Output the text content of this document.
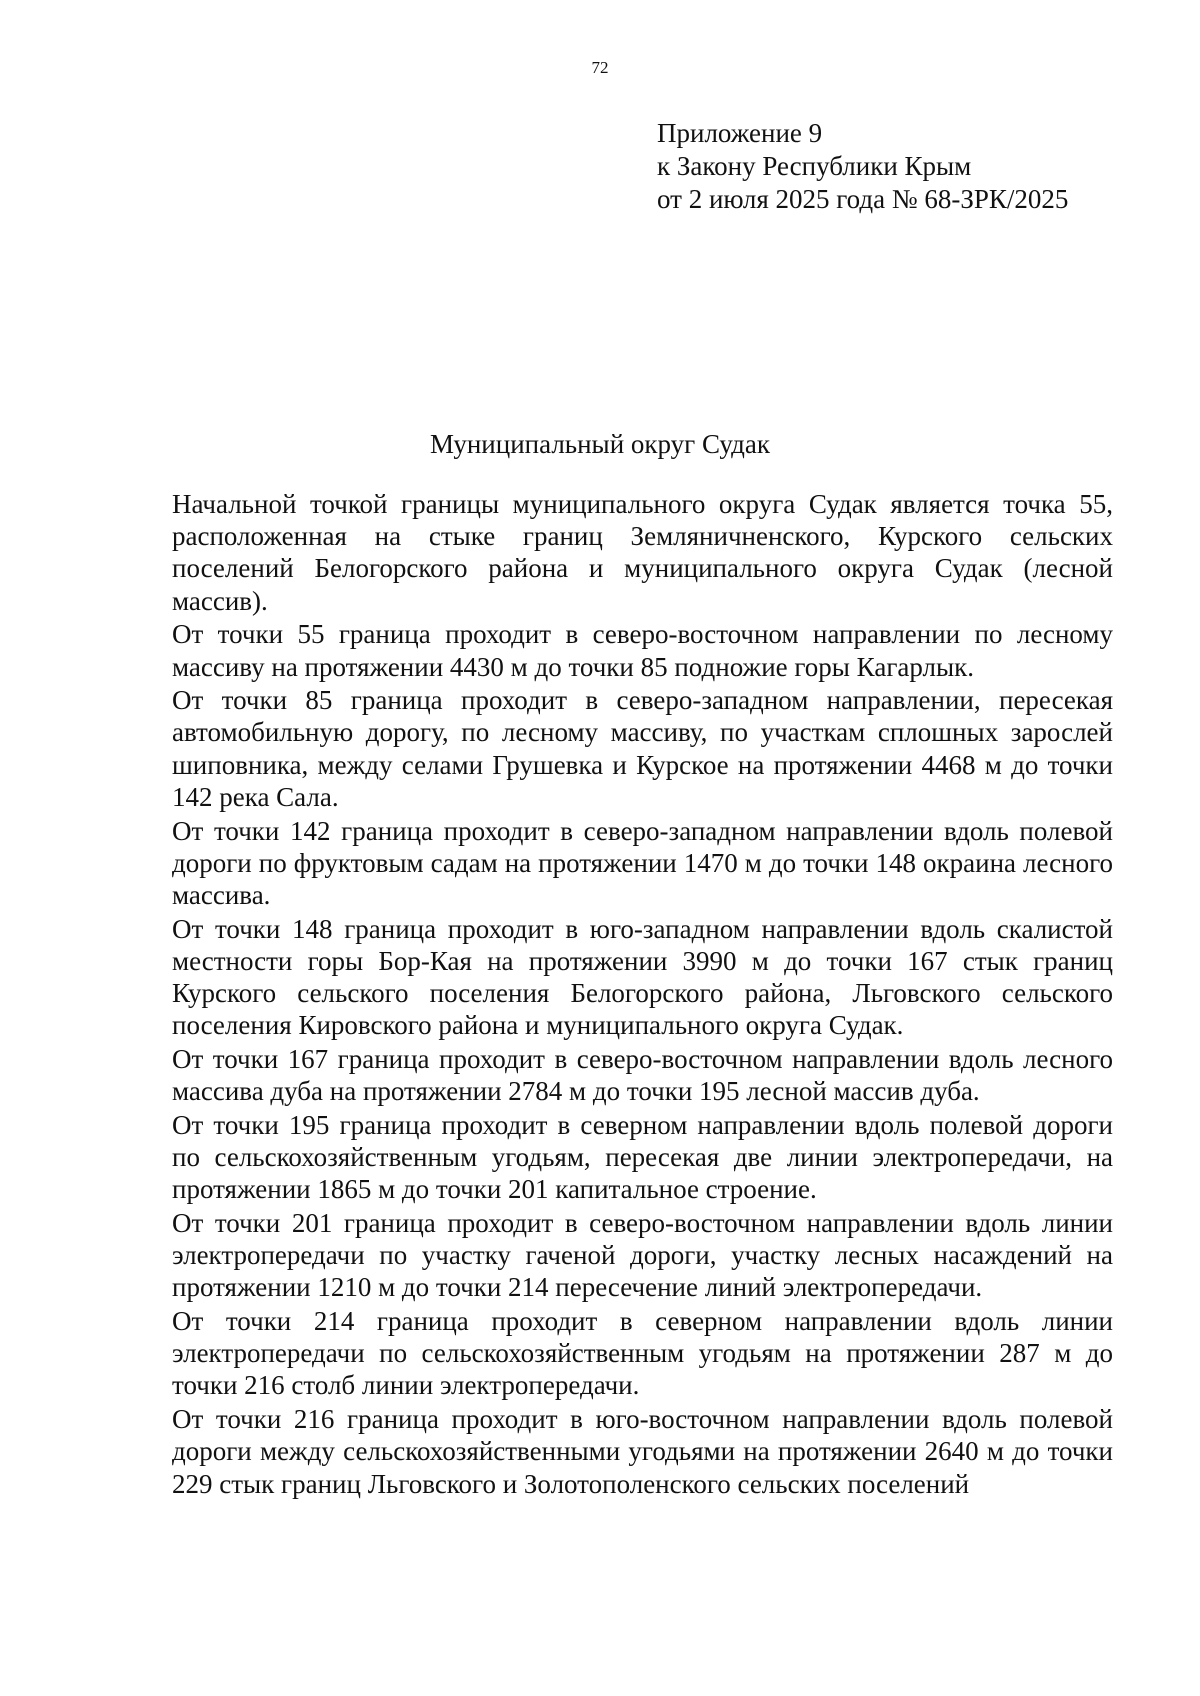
72
Приложение 9
к Закону Республики Крым
от 2 июля 2025 года № 68-ЗРК/2025
Муниципальный округ Судак

Начальной точкой границы муниципального округа Судак является точка 55, расположенная на стыке границ Земляничненского, Курского сельских поселений Белогорского района и муниципального округа Судак (лесной массив).

От точки 55 граница проходит в северо-восточном направлении по лесному массиву на протяжении 4430 м до точки 85 подножие горы Кагарлык.

От точки 85 граница проходит в северо-западном направлении, пересекая автомобильную дорогу, по лесному массиву, по участкам сплошных зарослей шиповника, между селами Грушевка и Курское на протяжении 4468 м до точки 142 река Сала.

От точки 142 граница проходит в северо-западном направлении вдоль полевой дороги по фруктовым садам на протяжении 1470 м до точки 148 окраина лесного массива.

От точки 148 граница проходит в юго-западном направлении вдоль скалистой местности горы Бор-Кая на протяжении 3990 м до точки 167 стык границ Курского сельского поселения Белогорского района, Льговского сельского поселения Кировского района и муниципального округа Судак.

От точки 167 граница проходит в северо-восточном направлении вдоль лесного массива дуба на протяжении 2784 м до точки 195 лесной массив дуба.

От точки 195 граница проходит в северном направлении вдоль полевой дороги по сельскохозяйственным угодьям, пересекая две линии электропередачи, на протяжении 1865 м до точки 201 капитальное строение.

От точки 201 граница проходит в северо-восточном направлении вдоль линии электропередачи по участку гаченой дороги, участку лесных насаждений на протяжении 1210 м до точки 214 пересечение линий электропередачи.

От точки 214 граница проходит в северном направлении вдоль линии электропередачи по сельскохозяйственным угодьям на протяжении 287 м до точки 216 столб линии электропередачи.

От точки 216 граница проходит в юго-восточном направлении вдоль полевой дороги между сельскохозяйственными угодьями на протяжении 2640 м до точки 229 стык границ Льговского и Золотополенского сельских поселений
